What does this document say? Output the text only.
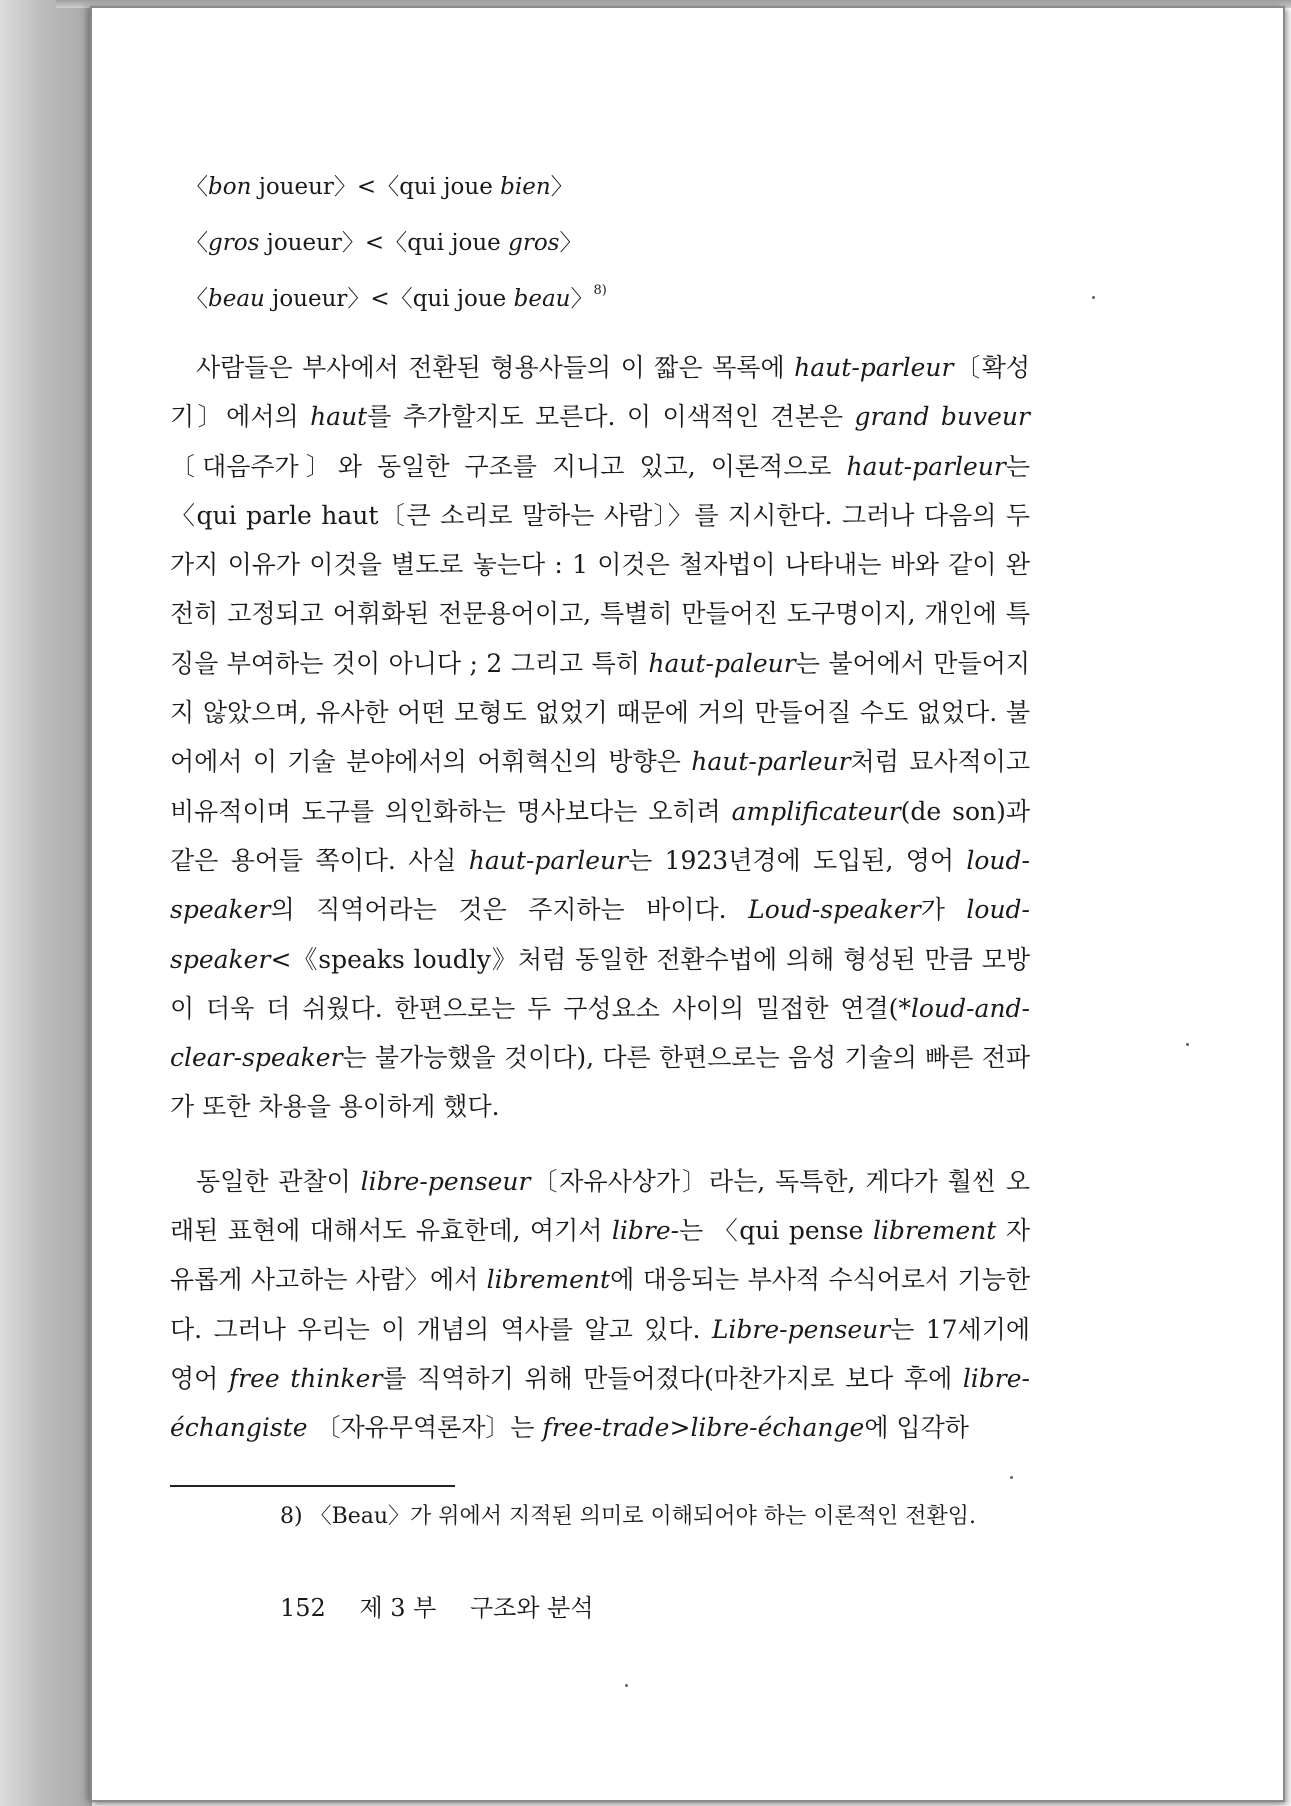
〈bon joueur〉<〈qui joue bien〉
〈gros joueur〉<〈qui joue gros〉
〈beau joueur〉<〈qui joue beau〉$^{8)}$

사람들은 부사에서 전환된 형용사들의 이 짧은 목록에 haut-parleur〔확성기〕에서의 haut를 추가할지도 모른다. 이 이색적인 견본은 grand buveur〔대음주가〕와 동일한 구조를 지니고 있고, 이론적으로 haut-parleur는 〈qui parle haut〔큰 소리로 말하는 사람〕〉를 지시한다. 그러나 다음의 두 가지 이유가 이것을 별도로 놓는다 : 1 이것은 철자법이 나타내는 바와 같이 완전히 고정되고 어휘화된 전문용어이고, 특별히 만들어진 도구명이지, 개인에 특징을 부여하는 것이 아니다 ; 2 그리고 특히 haut-paleur는 불어에서 만들어지지 않았으며, 유사한 어떤 모형도 없었기 때문에 거의 만들어질 수도 없었다. 불어에서 이 기술 분야에서의 어휘혁신의 방향은 haut-parleur처럼 묘사적이고 비유적이며 도구를 의인화하는 명사보다는 오히려 amplificateur(de son)과 같은 용어들 쪽이다. 사실 haut-parleur는 1923년경에 도입된, 영어 loud-speaker의 직역어라는 것은 주지하는 바이다. Loud-speaker가 loud-speaker<《speaks loudly》처럼 동일한 전환수법에 의해 형성된 만큼 모방이 더욱 더 쉬웠다. 한편으로는 두 구성요소 사이의 밀접한 연결(*loud-and-clear-speaker는 불가능했을 것이다), 다른 한편으로는 음성 기술의 빠른 전파가 또한 차용을 용이하게 했다.

동일한 관찰이 libre-penseur〔자유사상가〕라는, 독특한, 게다가 훨씬 오래된 표현에 대해서도 유효한데, 여기서 libre-는 〈qui pense librement 자유롭게 사고하는 사람〉에서 librement에 대응되는 부사적 수식어로서 기능한다. 그러나 우리는 이 개념의 역사를 알고 있다. Libre-penseur는 17세기에 영어 free thinker를 직역하기 위해 만들어졌다(마찬가지로 보다 후에 libre-échangiste 〔자유무역론자〕는 free-trade>libre-échange에 입각하

8) 〈Beau〉가 위에서 지적된 의미로 이해되어야 하는 이론적인 전환임.
152 제 3 부 구조와 분석
